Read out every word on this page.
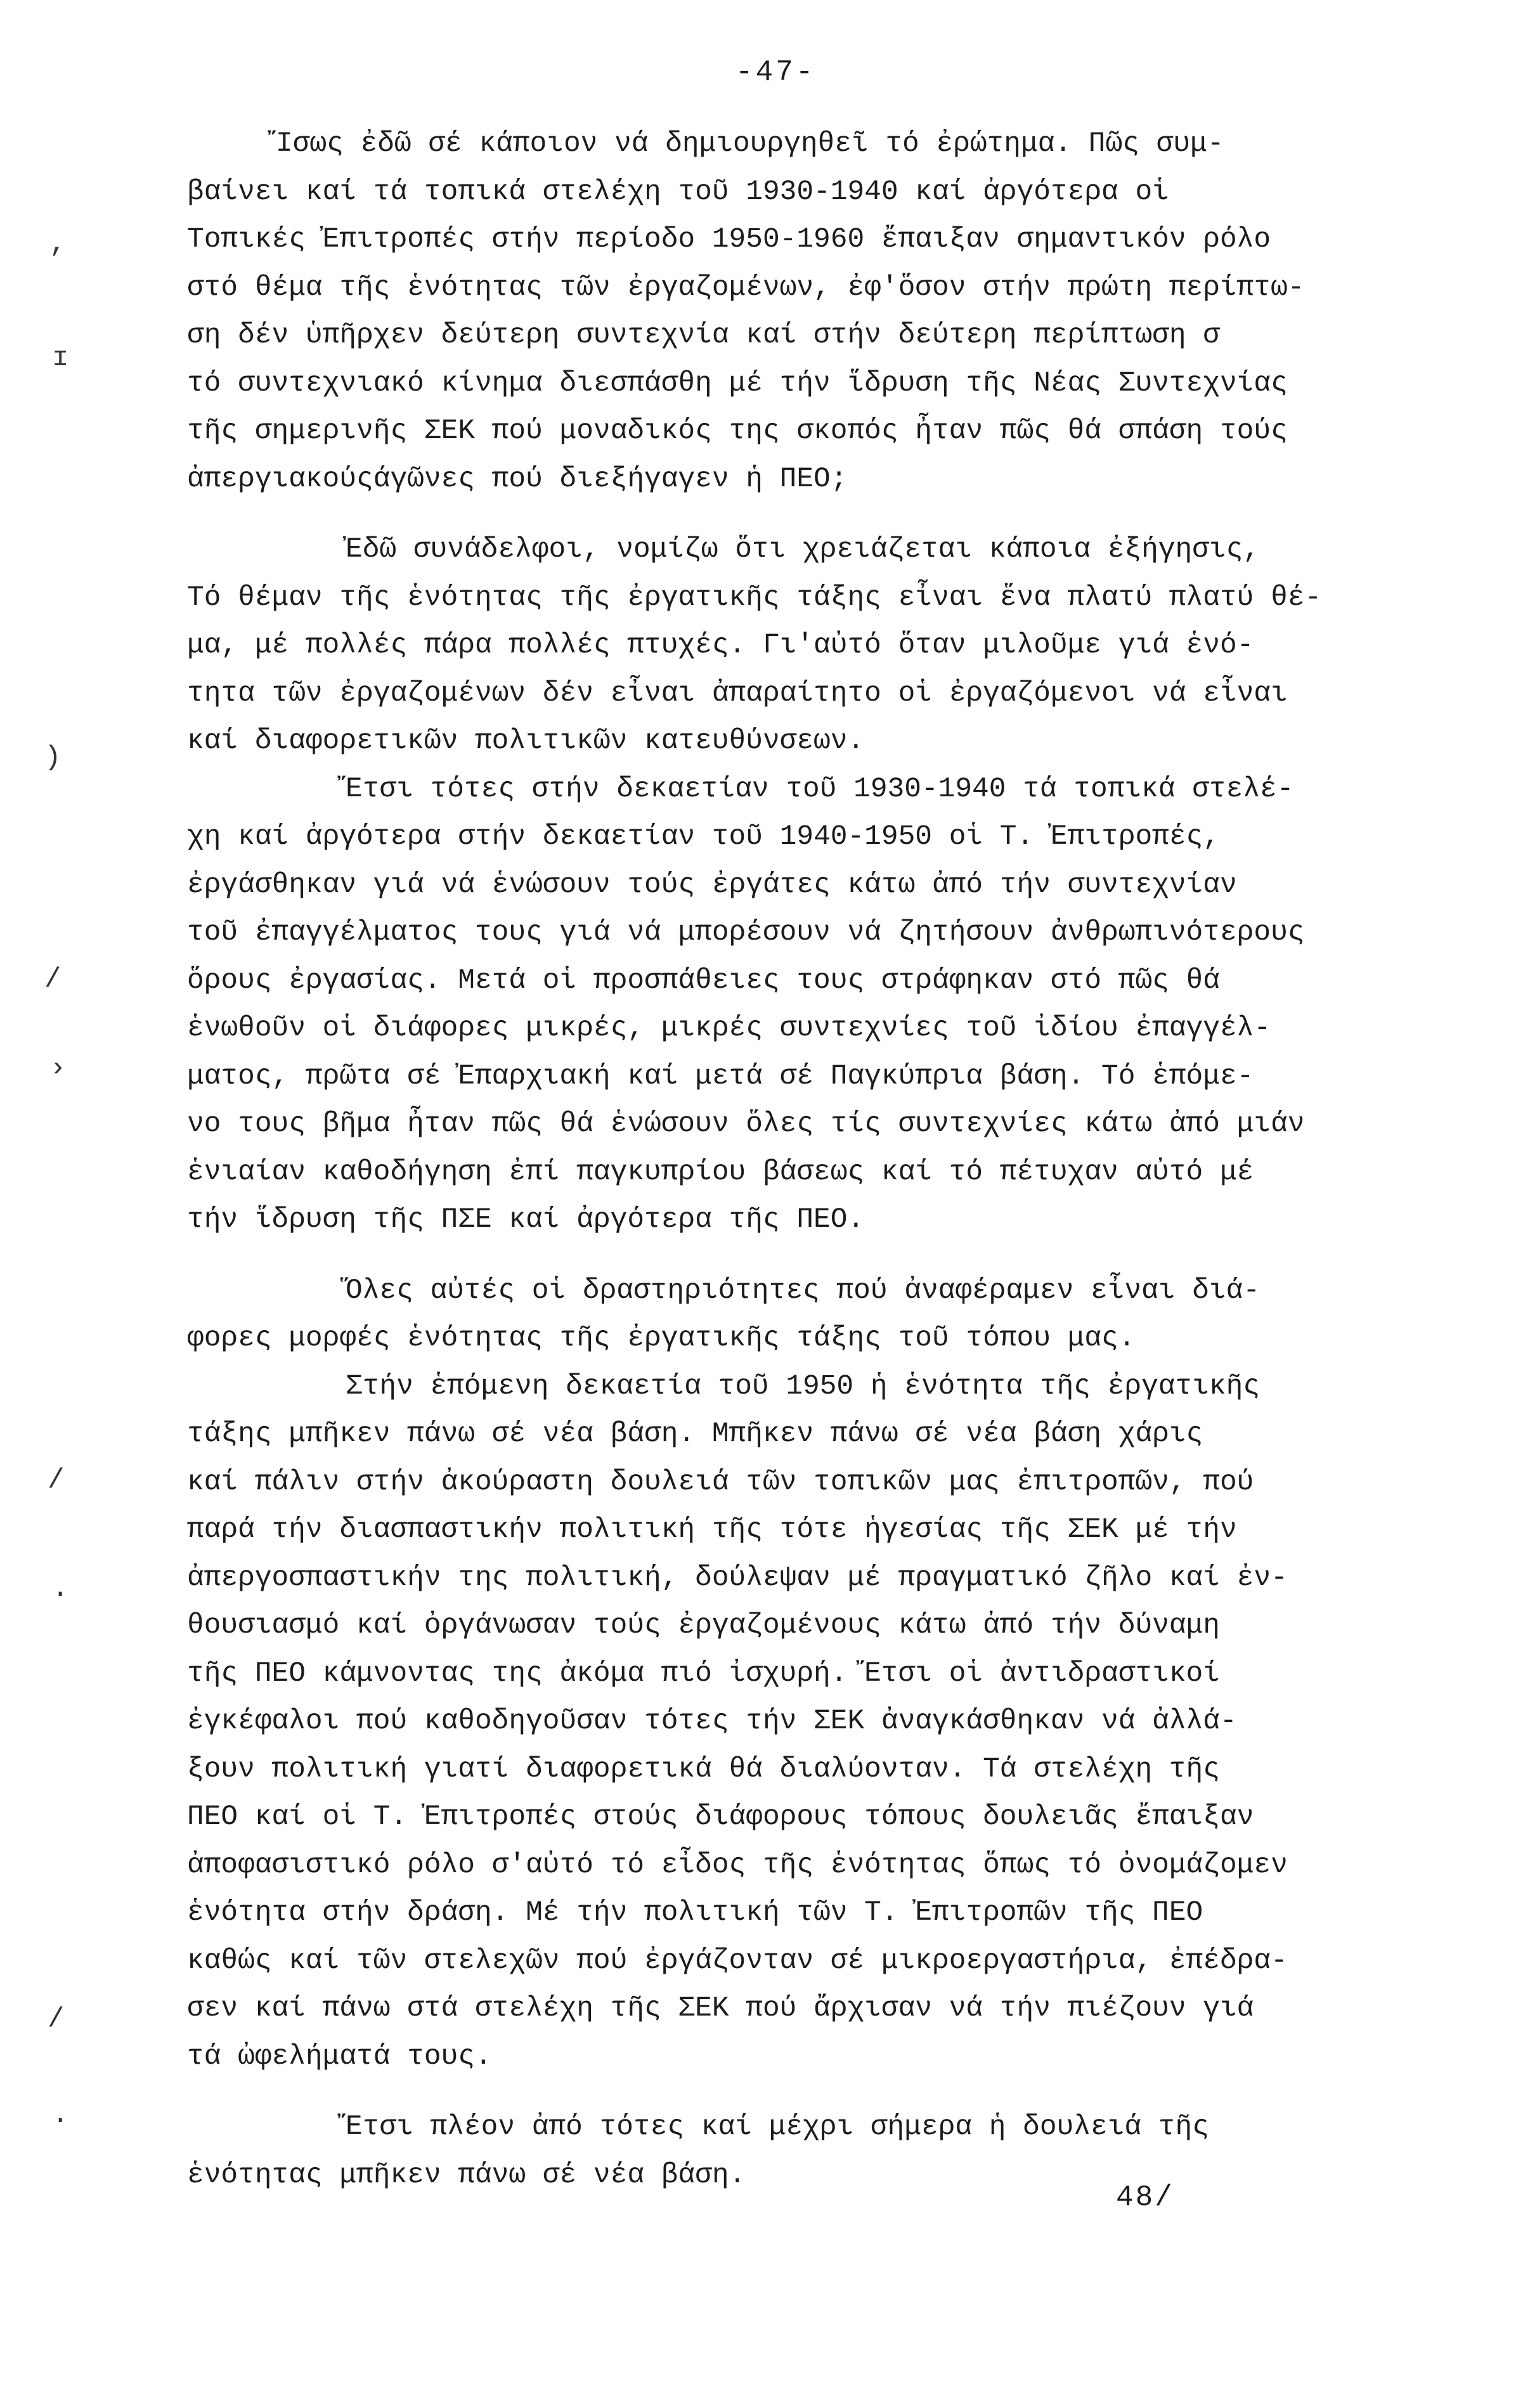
-47-
Ἴσως ἐδῶ σέ κάποιον νά δημιουργηθεῖ τό ἐρώτημα. Πῶς συμ-
βαίνει καί τά τοπικά στελέχη τοῦ 1930-1940 καί ἀργότερα οἱ
Τοπικές Ἐπιτροπές στήν περίοδο 1950-1960 ἔπαιξαν σημαντικόν ρόλο
στό θέμα τῆς ἑνότητας τῶν ἐργαζομένων, ἐφ'ὅσον στήν πρώτη περίπτω-
ση δέν ὑπῆρχεν δεύτερη συντεχνία καί στήν δεύτερη περίπτωση σ
τό συντεχνιακό κίνημα διεσπάσθη μέ τήν ἵδρυση τῆς Νέας Συντεχνίας
τῆς σημερινῆς ΣΕΚ πού μοναδικός της σκοπός ἦταν πῶς θά σπάση τούς
ἀπεργιακούςάγῶνες πού διεξήγαγεν ἡ ΠΕΟ;
Ἐδῶ συνάδελφοι, νομίζω ὅτι χρειάζεται κάποια ἐξήγησις,
Τό θέμαν τῆς ἑνότητας τῆς ἐργατικῆς τάξης εἶναι ἕνα πλατύ πλατύ θέ-
μα, μέ πολλές πάρα πολλές πτυχές. Γι'αὐτό ὅταν μιλοῦμε γιά ἑνό-
τητα τῶν ἐργαζομένων δέν εἶναι ἀπαραίτητο οἱ ἐργαζόμενοι νά εἶναι
καί διαφορετικῶν πολιτικῶν κατευθύνσεων.
Ἔτσι τότες στήν δεκαετίαν τοῦ 1930-1940 τά τοπικά στελέ-
χη καί ἀργότερα στήν δεκαετίαν τοῦ 1940-1950 οἱ Τ. Ἐπιτροπές,
ἐργάσθηκαν γιά νά ἑνώσουν τούς ἐργάτες κάτω ἀπό τήν συντεχνίαν
τοῦ ἐπαγγέλματος τους γιά νά μπορέσουν νά ζητήσουν ἀνθρωπινότερους
ὅρους ἐργασίας. Μετά οἱ προσπάθειες τους στράφηκαν στό πῶς θά
ἑνωθοῦν οἱ διάφορες μικρές, μικρές συντεχνίες τοῦ ἰδίου ἐπαγγέλ-
ματος, πρῶτα σέ Ἐπαρχιακή καί μετά σέ Παγκύπρια βάση. Τό ἑπόμε-
νο τους βῆμα ἦταν πῶς θά ἑνώσουν ὅλες τίς συντεχνίες κάτω ἀπό μιάν
ἑνιαίαν καθοδήγηση ἐπί παγκυπρίου βάσεως καί τό πέτυχαν αὐτό μέ
τήν ἵδρυση τῆς ΠΣΕ καί ἀργότερα τῆς ΠΕΟ.
Ὅλες αὐτές οἱ δραστηριότητες πού ἀναφέραμεν εἶναι διά-
φορες μορφές ἑνότητας τῆς ἐργατικῆς τάξης τοῦ τόπου μας.
Στήν ἑπόμενη δεκαετία τοῦ 1950 ἡ ἑνότητα τῆς ἐργατικῆς
τάξης μπῆκεν πάνω σέ νέα βάση. Μπῆκεν πάνω σέ νέα βάση χάρις
καί πάλιν στήν ἀκούραστη δουλειά τῶν τοπικῶν μας ἐπιτροπῶν, πού
παρά τήν διασπαστικήν πολιτική τῆς τότε ἡγεσίας τῆς ΣΕΚ μέ τήν
ἀπεργοσπαστικήν της πολιτική, δούλεψαν μέ πραγματικό ζῆλο καί ἐν-
θουσιασμό καί ὀργάνωσαν τούς ἐργαζομένους κάτω ἀπό τήν δύναμη
τῆς ΠΕΟ κάμνοντας της ἀκόμα πιό ἰσχυρή. Ἔτσι οἱ ἀντιδραστικοί
ἐγκέφαλοι πού καθοδηγοῦσαν τότες τήν ΣΕΚ ἀναγκάσθηκαν νά ἀλλά-
ξουν πολιτική γιατί διαφορετικά θά διαλύονταν. Τά στελέχη τῆς
ΠΕΟ καί οἱ Τ. Ἐπιτροπές στούς διάφορους τόπους δουλειᾶς ἔπαιξαν
ἀποφασιστικό ρόλο σ'αὐτό τό εἶδος τῆς ἑνότητας ὅπως τό ὀνομάζομεν
ἑνότητα στήν δράση. Μέ τήν πολιτική τῶν Τ. Ἐπιτροπῶν τῆς ΠΕΟ
καθώς καί τῶν στελεχῶν πού ἐργάζονταν σέ μικροεργαστήρια, ἐπέδρα-
σεν καί πάνω στά στελέχη τῆς ΣΕΚ πού ἄρχισαν νά τήν πιέζουν γιά
τά ὠφελήματά τους.
Ἔτσι πλέον ἀπό τότες καί μέχρι σήμερα ἡ δουλειά τῆς
ἑνότητας μπῆκεν πάνω σέ νέα βάση.
48/
,
ɪ
)
/
›
/
·
/
·
